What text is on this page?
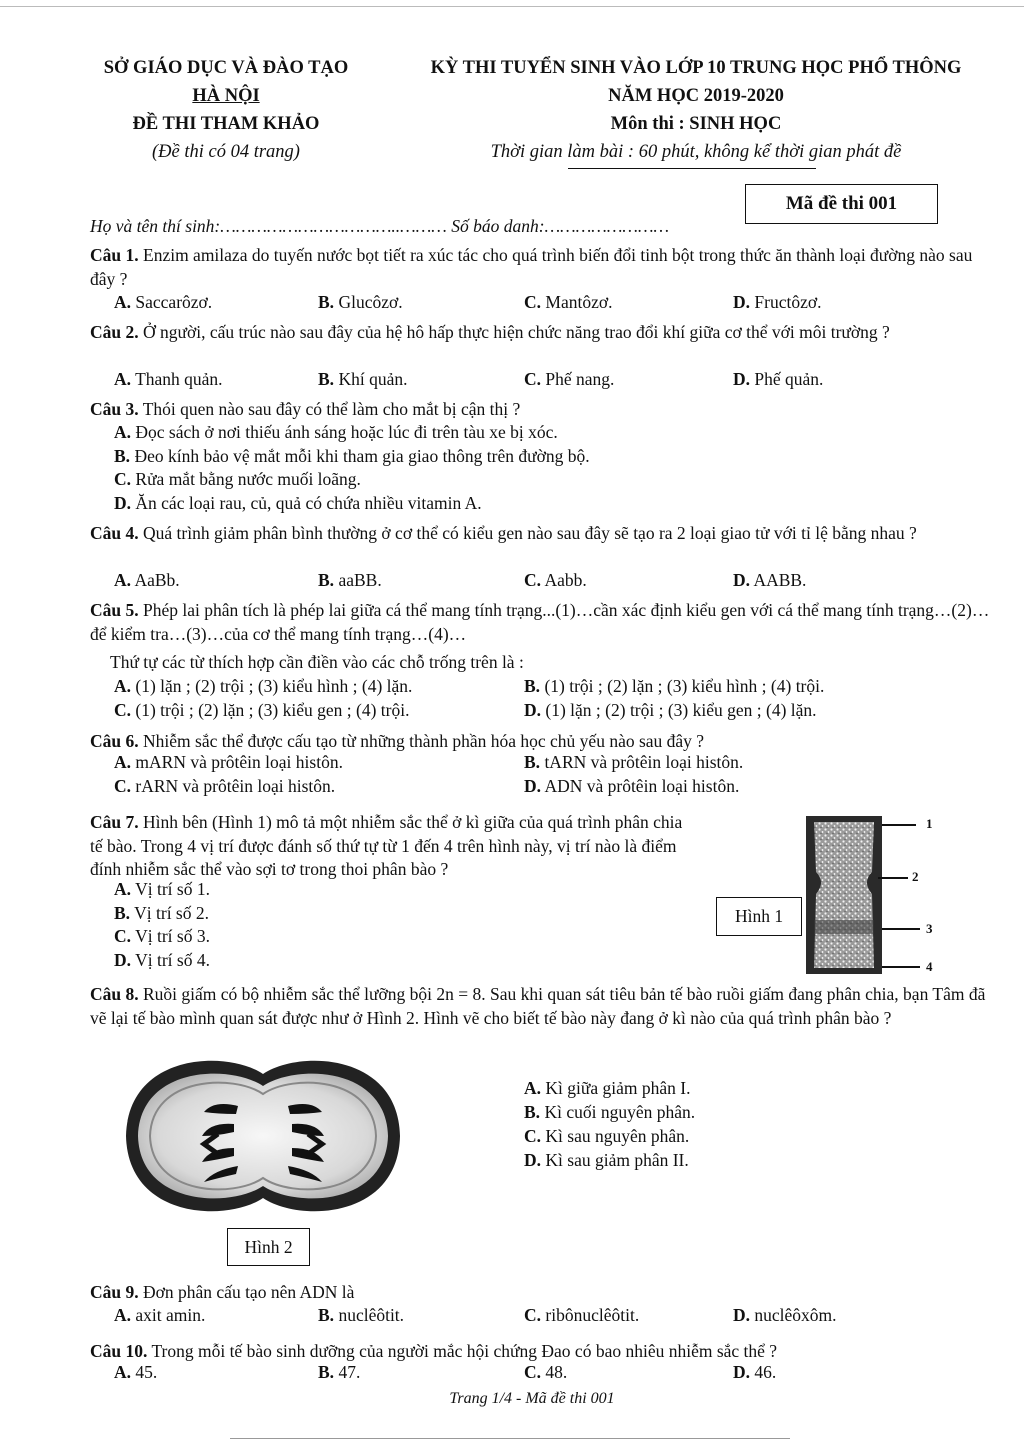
SỞ GIÁO DỤC VÀ ĐÀO TẠO
HÀ NỘI
ĐỀ THI THAM KHẢO
(Đề thi có 04 trang)
KỲ THI TUYỂN SINH VÀO LỚP 10 TRUNG HỌC PHỔ THÔNG
NĂM HỌC 2019-2020
Môn thi : SINH HỌC
Thời gian làm bài : 60 phút, không kể thời gian phát đề
Mã đề thi 001
Họ và tên thí sinh:……………………………..……… Số báo danh:……………………
Câu 1. Enzim amilaza do tuyến nước bọt tiết ra xúc tác cho quá trình biến đổi tinh bột trong thức ăn thành loại đường nào sau đây ?
A. Saccarôzơ.	B. Glucôzơ.	C. Mantôzơ.	D. Fructôzơ.
Câu 2. Ở người, cấu trúc nào sau đây của hệ hô hấp thực hiện chức năng trao đổi khí giữa cơ thể với môi trường ?
A. Thanh quản.	B. Khí quản.	C. Phế nang.	D. Phế quản.
Câu 3. Thói quen nào sau đây có thể làm cho mắt bị cận thị ?
A. Đọc sách ở nơi thiếu ánh sáng hoặc lúc đi trên tàu xe bị xóc.
B. Đeo kính bảo vệ mắt mỗi khi tham gia giao thông trên đường bộ.
C. Rửa mắt bằng nước muối loãng.
D. Ăn các loại rau, củ, quả có chứa nhiều vitamin A.
Câu 4. Quá trình giảm phân bình thường ở cơ thể có kiểu gen nào sau đây sẽ tạo ra 2 loại giao tử với tỉ lệ bằng nhau ?
A. AaBb.	B. aaBB.	C. Aabb.	D. AABB.
Câu 5. Phép lai phân tích là phép lai giữa cá thể mang tính trạng...(1)…cần xác định kiểu gen với cá thể mang tính trạng…(2)…để kiểm tra…(3)…của cơ thể mang tính trạng…(4)…
Thứ tự các từ thích hợp cần điền vào các chỗ trống trên là :
A. (1) lặn ; (2) trội ; (3) kiểu hình ; (4) lặn.	B. (1) trội ; (2) lặn ; (3) kiểu hình ; (4) trội.
C. (1) trội ; (2) lặn ; (3) kiểu gen ; (4) trội.	D. (1) lặn ; (2) trội ; (3) kiểu gen ; (4) lặn.
Câu 6. Nhiễm sắc thể được cấu tạo từ những thành phần hóa học chủ yếu nào sau đây ?
A. mARN và prôtêin loại histôn.	B. tARN và prôtêin loại histôn.
C. rARN và prôtêin loại histôn.	D. ADN và prôtêin loại histôn.
Câu 7. Hình bên (Hình 1) mô tả một nhiễm sắc thể ở kì giữa của quá trình phân chia
tế bào. Trong 4 vị trí được đánh số thứ tự từ 1 đến 4 trên hình này, vị trí nào là điểm
đính nhiễm sắc thể vào sợi tơ trong thoi phân bào ?
A. Vị trí số 1.
B. Vị trí số 2.
C. Vị trí số 3.
D. Vị trí số 4.
Hình 1
1
2
3
4
Câu 8. Ruồi giấm có bộ nhiễm sắc thể lưỡng bội 2n = 8. Sau khi quan sát tiêu bản tế bào ruồi giấm đang phân chia, bạn Tâm đã vẽ lại tế bào mình quan sát được như ở Hình 2. Hình vẽ cho biết tế bào này đang ở kì nào của quá trình phân bào ?
A. Kì giữa giảm phân I.
B. Kì cuối nguyên phân.
C. Kì sau nguyên phân.
D. Kì sau giảm phân II.
Hình 2
Câu 9. Đơn phân cấu tạo nên ADN là
A. axit amin.	B. nuclêôtit.	C. ribônuclêôtit.	D. nuclêôxôm.
Câu 10. Trong mỗi tế bào sinh dưỡng của người mắc hội chứng Đao có bao nhiêu nhiễm sắc thể ?
A. 45.	B. 47.	C. 48.	D. 46.
Trang 1/4 - Mã đề thi 001
